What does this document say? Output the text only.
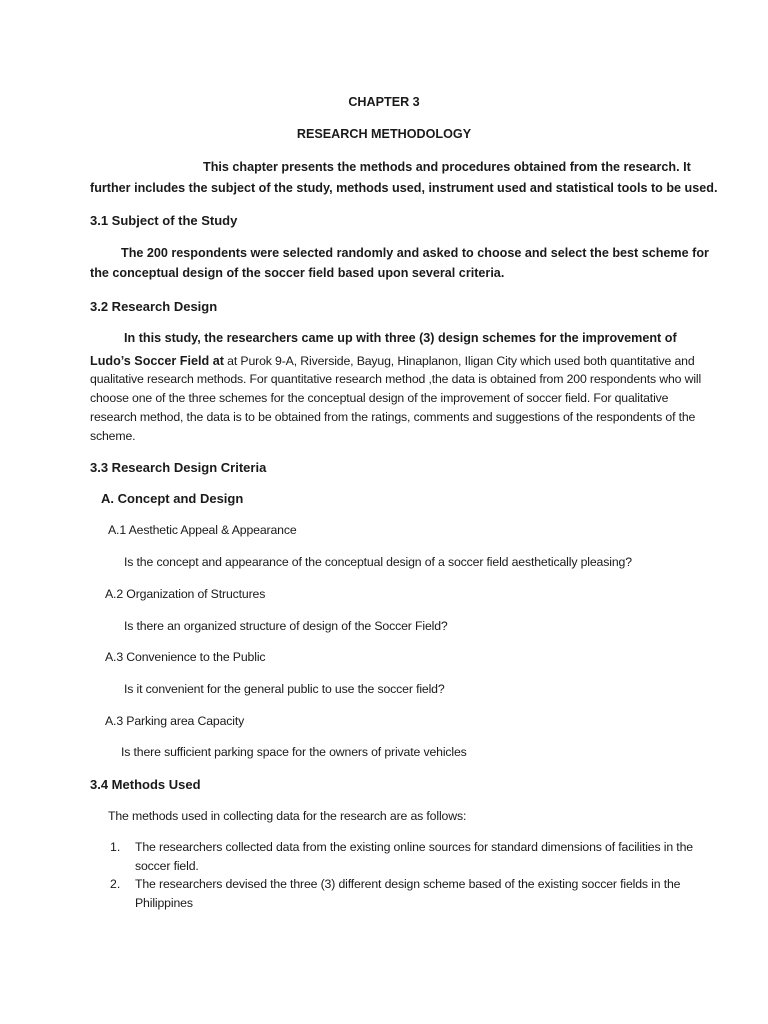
CHAPTER 3
RESEARCH METHODOLOGY
This chapter presents the methods and procedures obtained from the research. It
further includes the subject of the study, methods used, instrument used and statistical tools to be used.
3.1 Subject of the Study
The 200 respondents were selected randomly and asked to choose and select the best scheme for
the conceptual design of the soccer field based upon several criteria.
3.2 Research Design
In this study, the researchers came up with three (3) design schemes for the improvement of
Ludo’s Soccer Field at at Purok 9-A, Riverside, Bayug, Hinaplanon, Iligan City which used both quantitative and
qualitative research methods. For quantitative research method ,the data is obtained from 200 respondents who will
choose one of the three schemes for the conceptual design of the improvement of soccer field. For qualitative
research method, the data is to be obtained from the ratings, comments and suggestions of the respondents of the
scheme.
3.3 Research Design Criteria
A. Concept and Design
A.1 Aesthetic Appeal & Appearance
Is the concept and appearance of the conceptual design of a soccer field aesthetically pleasing?
A.2 Organization of Structures
Is there an organized structure of design of the Soccer Field?
A.3 Convenience to the Public
Is it convenient for the general public to use the soccer field?
A.3 Parking area Capacity
Is there sufficient parking space for the owners of private vehicles
3.4 Methods Used
The methods used in collecting data for the research are as follows:
1. The researchers collected data from the existing online sources for standard dimensions of facilities in the
soccer field.
2. The researchers devised the three (3) different design scheme based of the existing soccer fields in the
Philippines
